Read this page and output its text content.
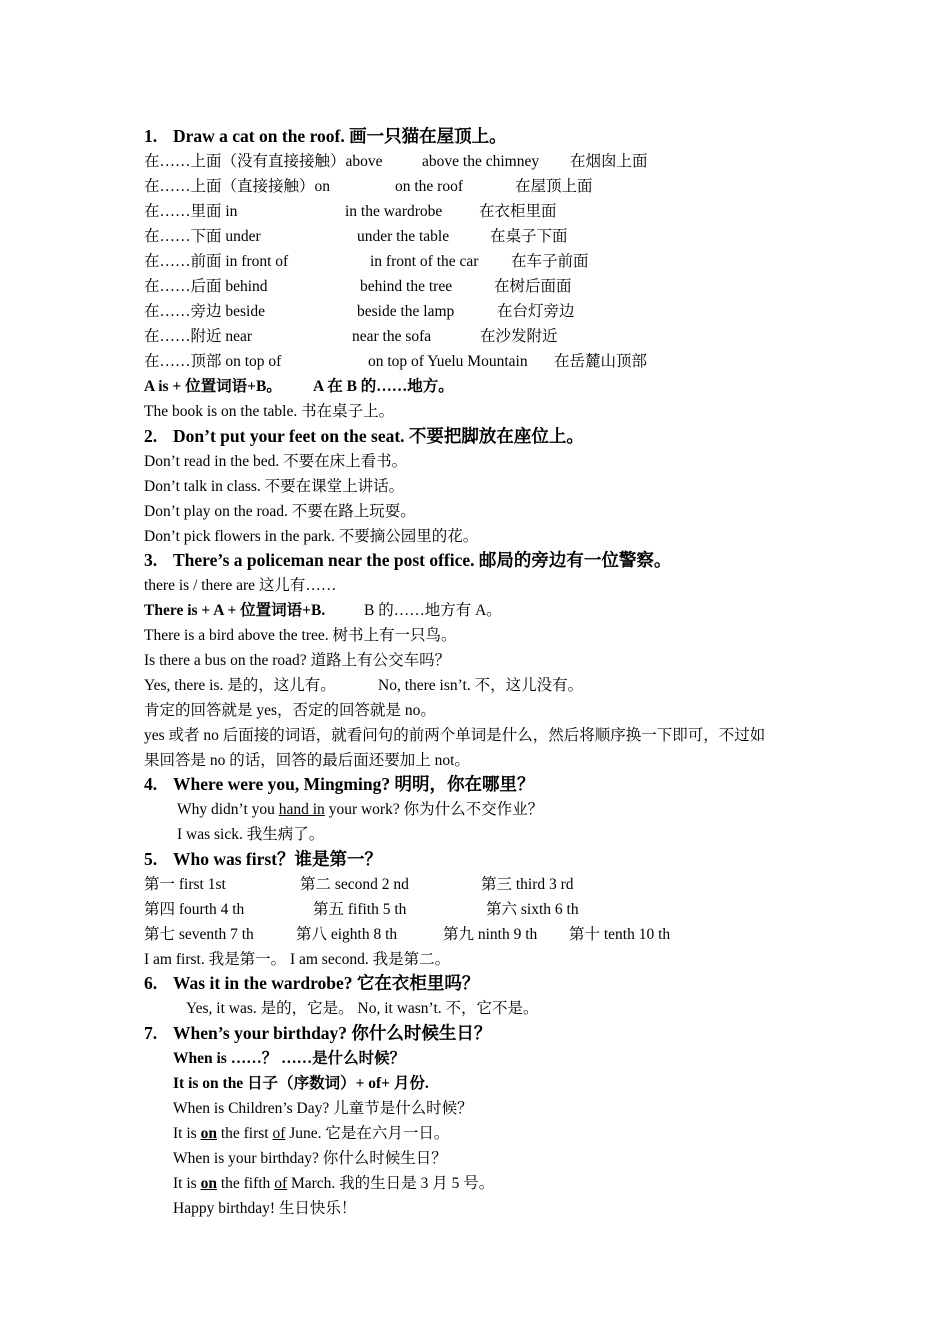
1. Draw a cat on the roof. 画一只猫在屋顶上。
在……上面（没有直接接触）above	above the chimney 在烟囱上面
在……上面（直接接触）on	on the roof	在屋顶上面
在……里面 in	in the wardrobe 在衣柜里面
在……下面 under	under the table	在桌子下面
在……前面 in front of	in front of the car 在车子前面
在……后面 behind	behind the tree	在树后面面
在……旁边 beside	beside the lamp	在台灯旁边
在……附近 near	near the sofa	在沙发附近
在……顶部 on top of	on top of Yuelu Mountain 在岳麓山顶部
A is + 位置词语+B。 A 在 B 的……地方。
The book is on the table. 书在桌子上。
2. Don’t put your feet on the seat. 不要把脚放在座位上。
Don’t read in the bed. 不要在床上看书。
Don’t talk in class. 不要在课堂上讲话。
Don’t play on the road. 不要在路上玩耍。
Don’t pick flowers in the park. 不要摘公园里的花。
3. There’s a policeman near the post office. 邮局的旁边有一位警察。
there is / there are 这儿有……
There is + A + 位置词语+B.	B 的……地方有 A。
There is a bird above the tree. 树书上有一只鸟。
Is there a bus on the road? 道路上有公交车吗？
Yes, there is. 是的，这儿有。	No, there isn’t. 不，这儿没有。
肯定的回答就是 yes，否定的回答就是 no。
yes 或者 no 后面接的词语，就看问句的前两个单词是什么，然后将顺序换一下即可，不过如
果回答是 no 的话，回答的最后面还要加上 not。
4. Where were you, Mingming? 明明，你在哪里？
Why didn’t you hand in your work? 你为什么不交作业？
I was sick. 我生病了。
5. Who was first？谁是第一？
第一 first 1st	第二 second 2 nd	第三 third 3 rd
第四 fourth 4 th	第五 fifith 5 th	第六 sixth 6 th
第七 seventh 7 th	第八 eighth 8 th	第九 ninth 9 th 第十 tenth 10 th
I am first. 我是第一。 I am second. 我是第二。
6. Was it in the wardrobe? 它在衣柜里吗？
Yes, it was. 是的，它是。 No, it wasn’t. 不，它不是。
7. When’s your birthday? 你什么时候生日？
When is ……？ ……是什么时候？
It is on the 日子（序数词）+ of+ 月份.
When is Children’s Day? 儿童节是什么时候？
It is on the first of June. 它是在六月一日。
When is your birthday? 你什么时候生日？
It is on the fifth of March. 我的生日是 3 月 5 号。
Happy birthday! 生日快乐！
